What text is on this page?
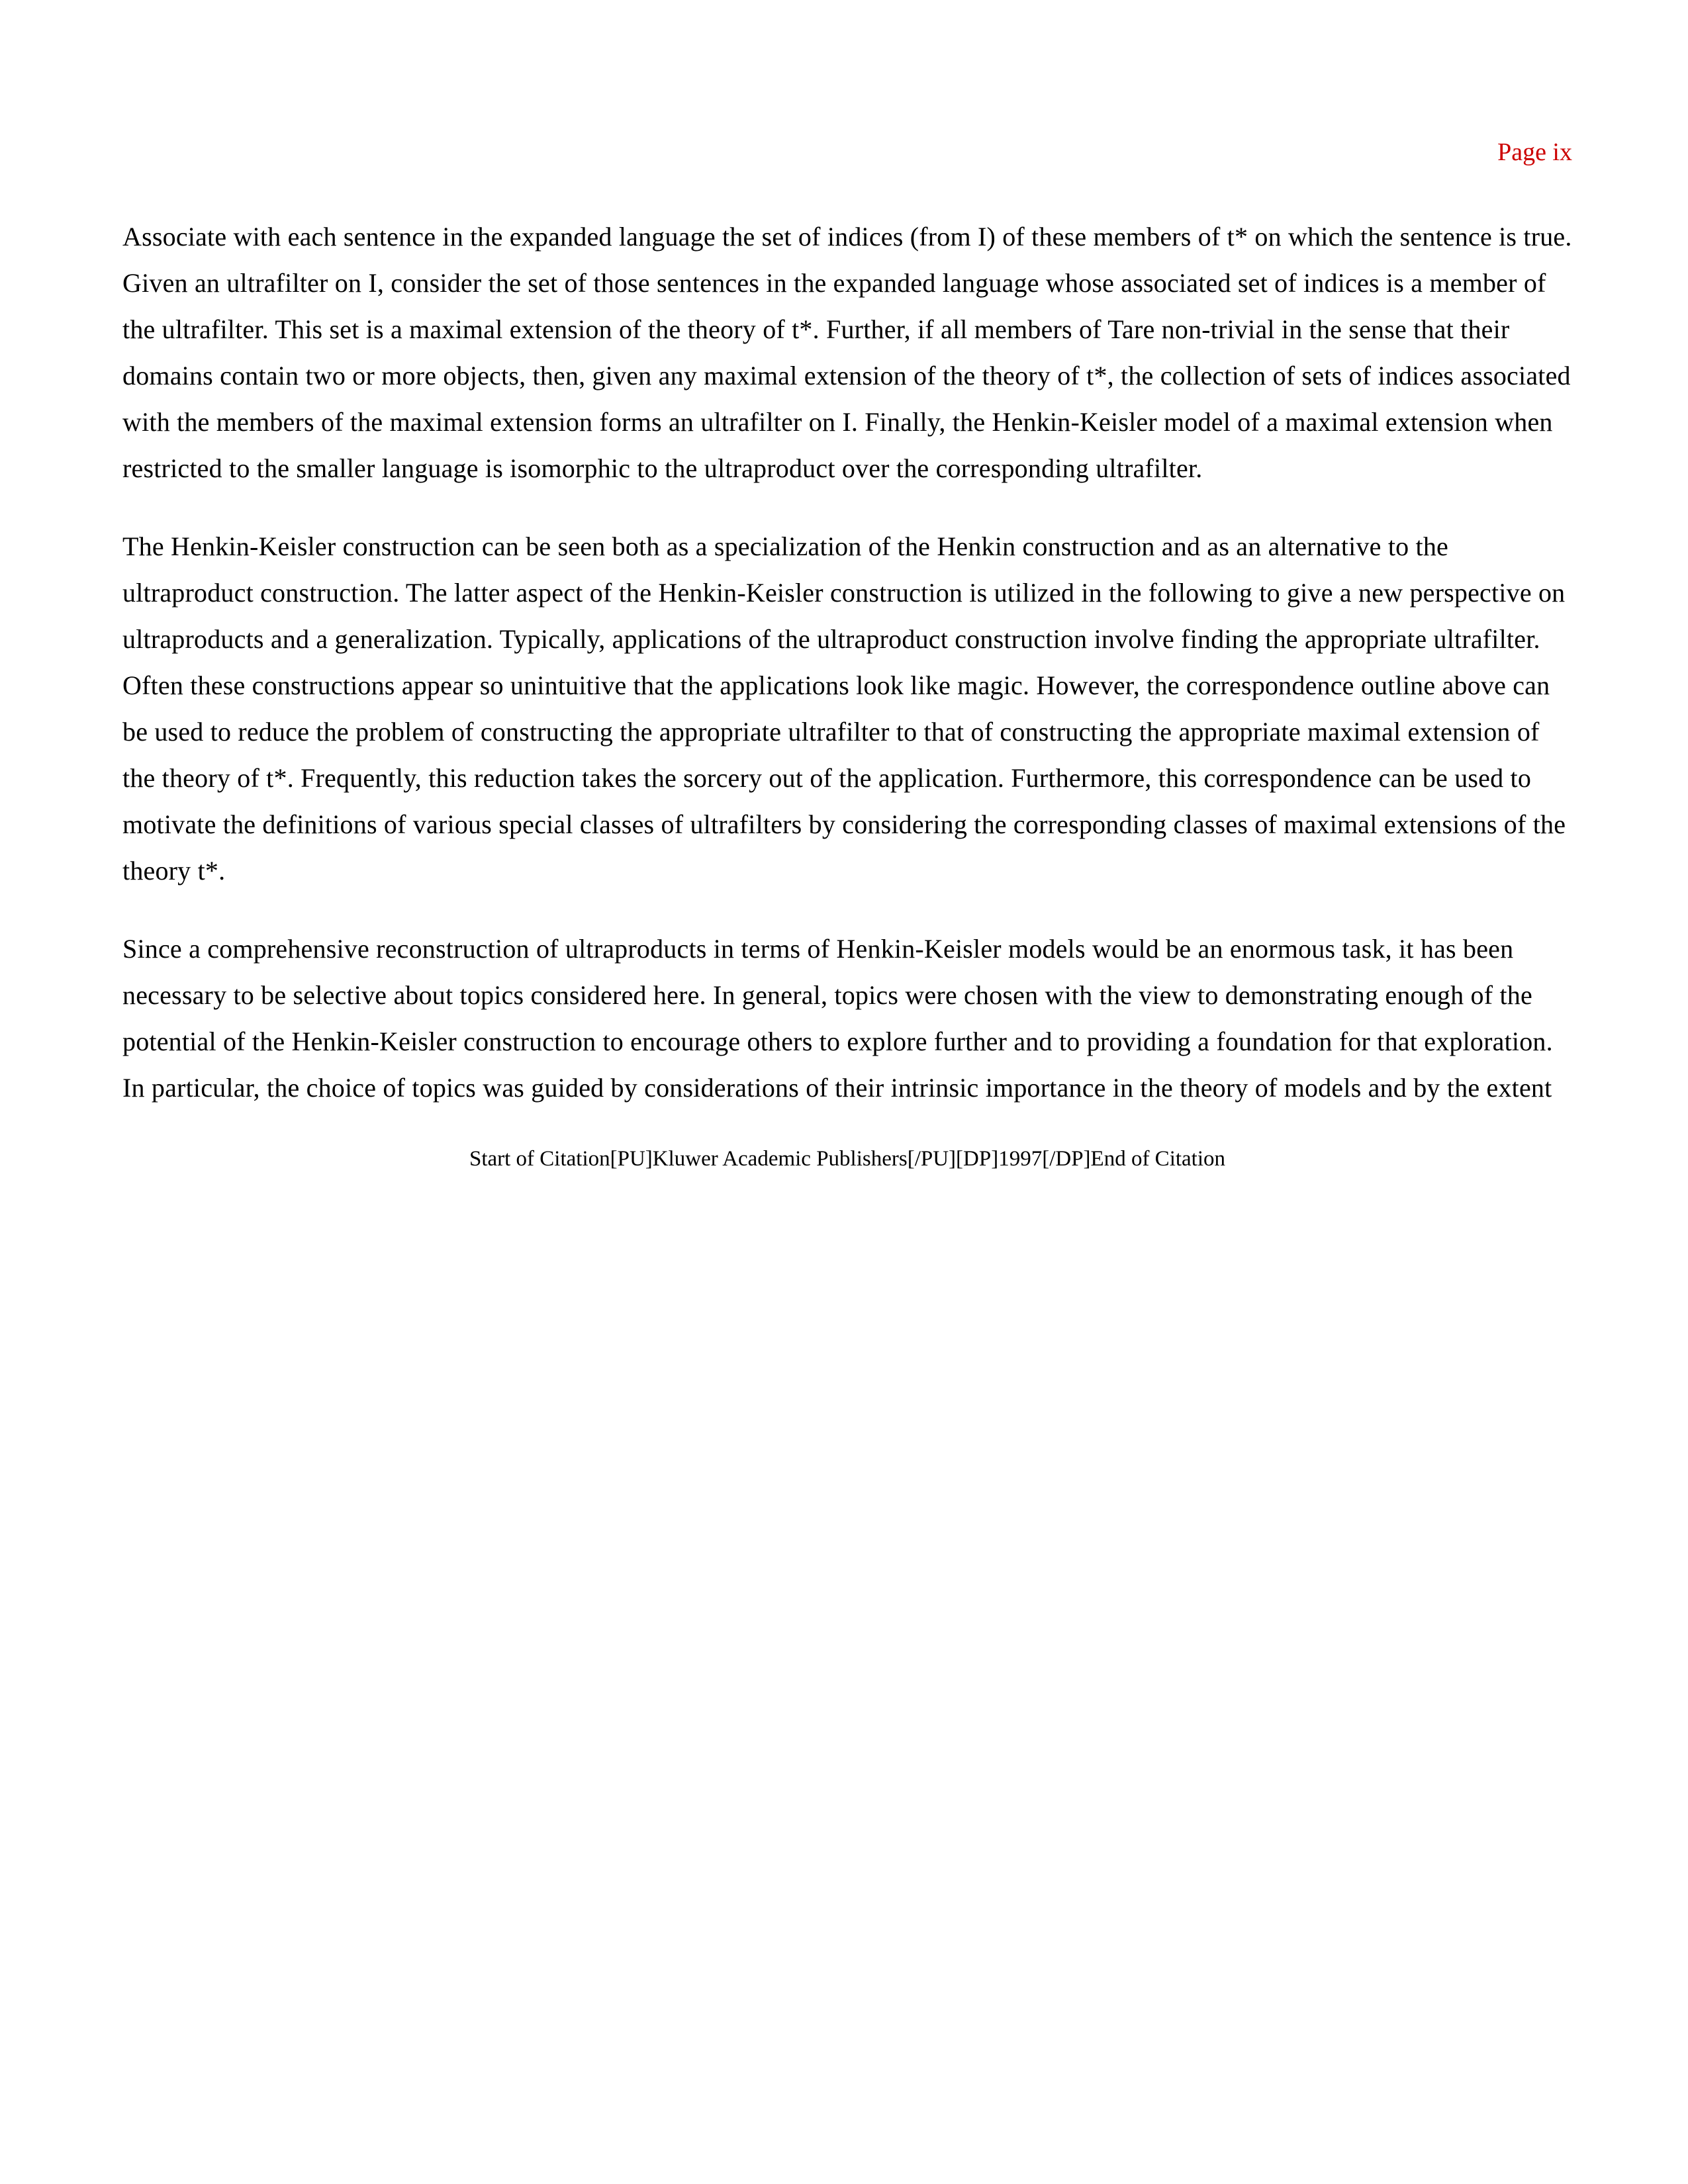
Page ix

Associate with each sentence in the expanded language the set of indices (from I) of these members of t* on which the sentence is true. Given an ultrafilter on I, consider the set of those sentences in the expanded language whose associated set of indices is a member of the ultrafilter. This set is a maximal extension of the theory of t*. Further, if all members of Tare non-trivial in the sense that their domains contain two or more objects, then, given any maximal extension of the theory of t*, the collection of sets of indices associated with the members of the maximal extension forms an ultrafilter on I. Finally, the Henkin-Keisler model of a maximal extension when restricted to the smaller language is isomorphic to the ultraproduct over the corresponding ultrafilter.

The Henkin-Keisler construction can be seen both as a specialization of the Henkin construction and as an alternative to the ultraproduct construction. The latter aspect of the Henkin-Keisler construction is utilized in the following to give a new perspective on ultraproducts and a generalization. Typically, applications of the ultraproduct construction involve finding the appropriate ultrafilter. Often these constructions appear so unintuitive that the applications look like magic. However, the correspondence outline above can be used to reduce the problem of constructing the appropriate ultrafilter to that of constructing the appropriate maximal extension of the theory of t*. Frequently, this reduction takes the sorcery out of the application. Furthermore, this correspondence can be used to motivate the definitions of various special classes of ultrafilters by considering the corresponding classes of maximal extensions of the theory t*.

Since a comprehensive reconstruction of ultraproducts in terms of Henkin-Keisler models would be an enormous task, it has been necessary to be selective about topics considered here. In general, topics were chosen with the view to demonstrating enough of the potential of the Henkin-Keisler construction to encourage others to explore further and to providing a foundation for that exploration. In particular, the choice of topics was guided by considerations of their intrinsic importance in the theory of models and by the extent

Start of Citation[PU]Kluwer Academic Publishers[/PU][DP]1997[/DP]End of Citation
